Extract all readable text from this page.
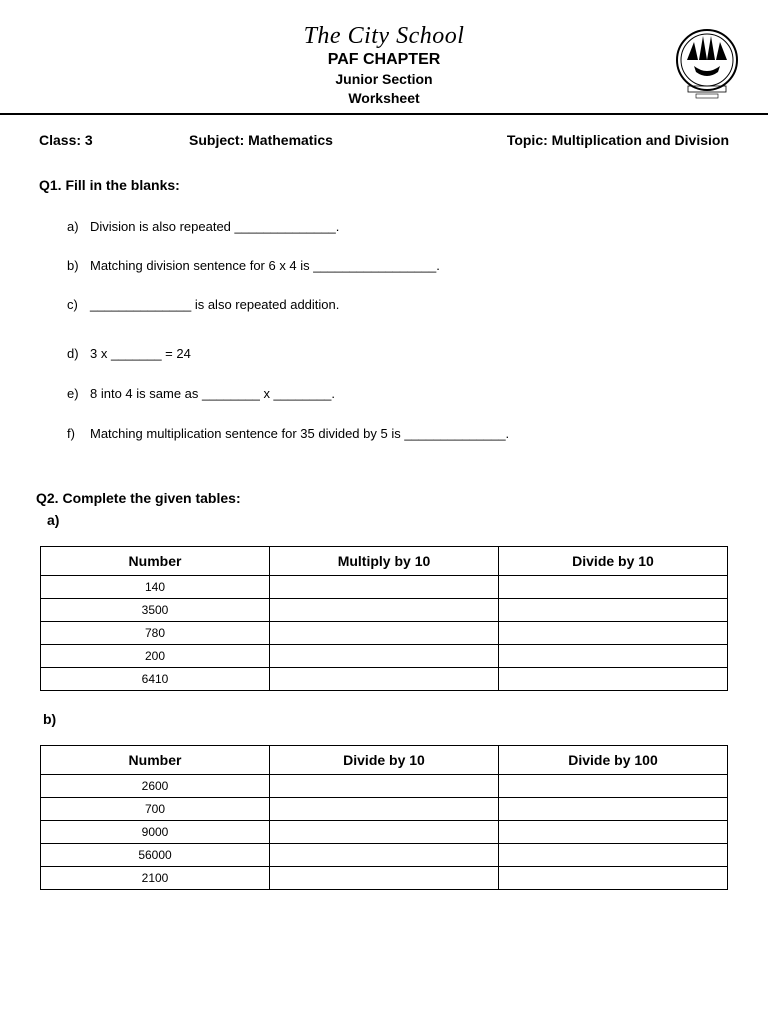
The City School
PAF CHAPTER
Junior Section
Worksheet
Class: 3	Subject: Mathematics	Topic: Multiplication and Division
Q1. Fill in the blanks:
a) Division is also repeated ______________.
b) Matching division sentence for 6 x 4 is _________________.
c) ______________ is also repeated addition.
d) 3 x _______ = 24
e) 8 into 4 is same as ________ x ________.
f) Matching multiplication sentence for 35 divided by 5 is ______________.
Q2. Complete the given tables:
a)
Number	Multiply by 10	Divide by 10
140		
3500		
780		
200		
6410		
b)
Number	Divide by 10	Divide by 100
2600		
700		
9000		
56000		
2100		
